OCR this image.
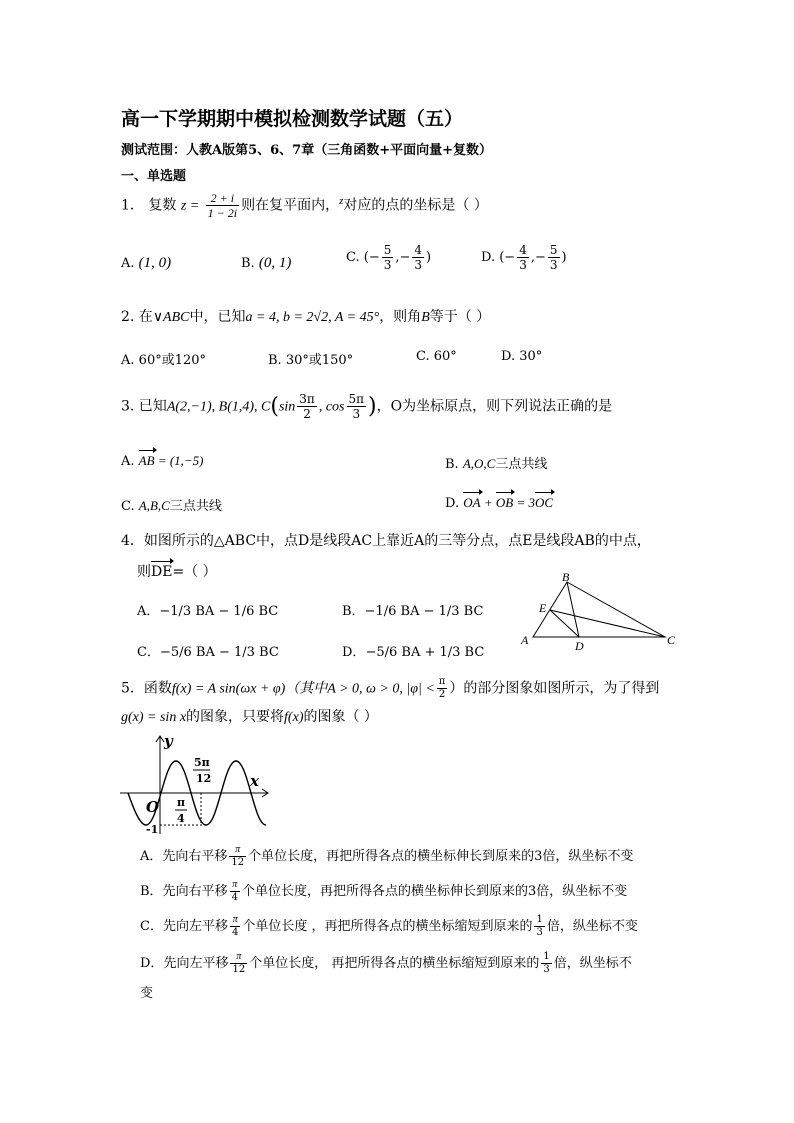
高一下学期期中模拟检测数学试题（五）
测试范围：人教A版第5、6、7章（三角函数+平面向量+复数）
一、单选题
1． 复数 $z = \frac{2 + i}{1 - 2i}$ 则在复平面内，$^z$对应的点的坐标是（ ）
A. (1, 0)	B. (0, 1)	C. (− $\frac{5}{3}$ ,− $\frac{4}{3}$ )	D. (− $\frac{4}{3}$ ,− $\frac{5}{3}$ )
2. 在∨ABC中，已知a = 4, b = 2√2, A = 45°，则角B等于（ ）
A. 60°或120°	B. 30°或150°	C. 60°	D. 30°
3. 已知A(2,−1), B(1,4), $C(\sin \frac{3\pi}{2}$ , $\cos \frac{5\pi}{3}$ )，O为坐标原点，则下列说法正确的是
A. AB = (1,−5)	B. A,O,C三点共线
C. A,B,C三点共线	D. OA + OB = 3OC
4．如图所示的△ABC中，点D是线段AC上靠近A的三等分点，点E是线段AB的中点，
则DE=（ ）
A．−1/3 BA − 1/6 BC	B．−1/6 BA − 1/3 BC
C．−5/6 BA − 1/3 BC	D．−5/6 BA + 1/3 BC
B
E
A	D	C
5．函数f(x) = A sin(ωx + φ)（其中A > 0, ω > 0, $|\varphi| < \frac{\pi}{2}$ ）的部分图象如图所示，为了得到
g(x) = sin x的图象，只要将f(x)的图象（ ）
y
x
O
-1
5π
12
π
4
A．先向右平移 $\frac{\pi}{12}$ 个单位长度，再把所得各点的横坐标伸长到原来的3倍，纵坐标不变
B．先向右平移 $\frac{\pi}{4}$ 个单位长度，再把所得各点的横坐标伸长到原来的3倍，纵坐标不变
C．先向左平移 $\frac{\pi}{4}$ 个单位长度 ，再把所得各点的横坐标缩短到原来的 $\frac{1}{3}$ 倍，纵坐标不变
D．先向左平移 $\frac{\pi}{12}$ 个单位长度， 再把所得各点的横坐标缩短到原来的 $\frac{1}{3}$ 倍，纵坐标不
变
